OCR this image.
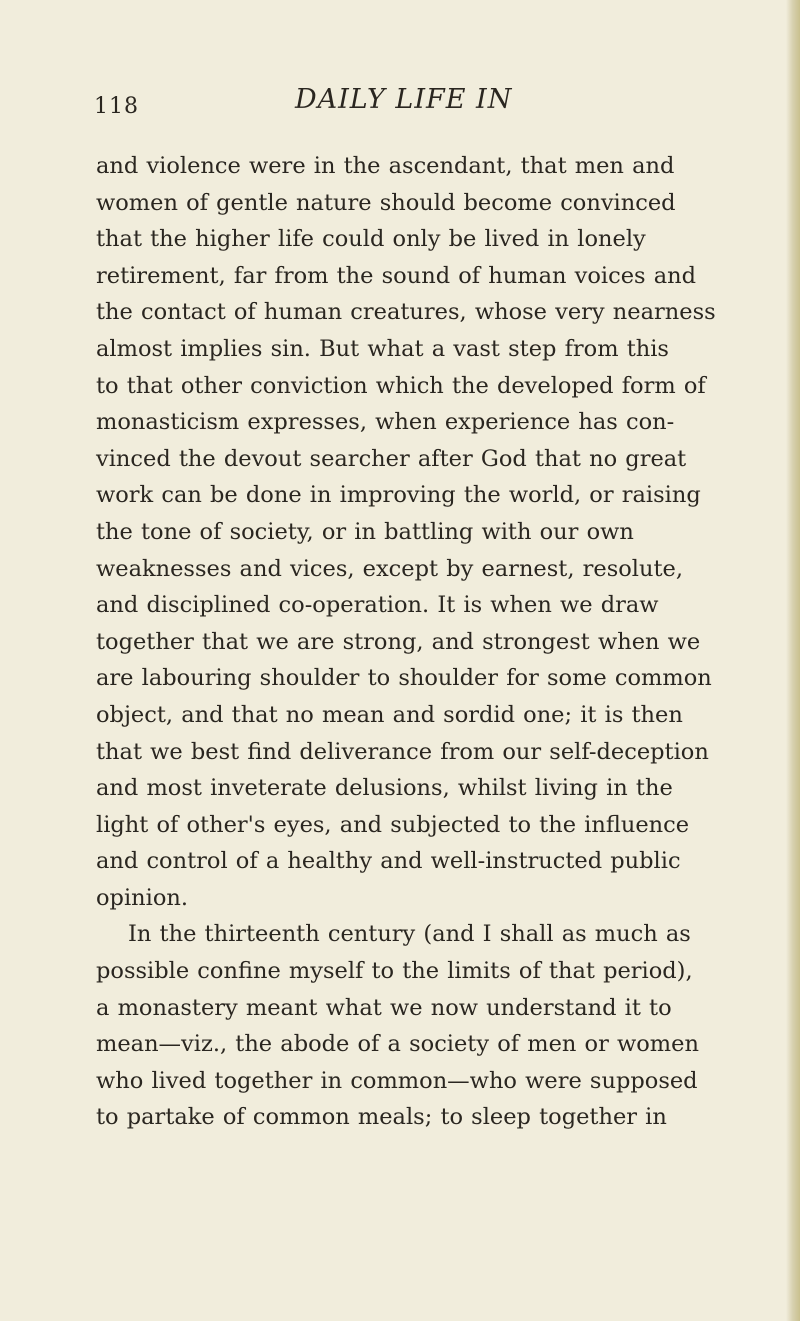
118	DAILY LIFE IN
and violence were in the ascendant, that men and
women of gentle nature should become convinced
that the higher life could only be lived in lonely
retirement, far from the sound of human voices and
the contact of human creatures, whose very nearness
almost implies sin. But what a vast step from this
to that other conviction which the developed form of
monasticism expresses, when experience has con-
vinced the devout searcher after God that no great
work can be done in improving the world, or raising
the tone of society, or in battling with our own
weaknesses and vices, except by earnest, resolute,
and disciplined co-operation. It is when we draw
together that we are strong, and strongest when we
are labouring shoulder to shoulder for some common
object, and that no mean and sordid one; it is then
that we best find deliverance from our self-deception
and most inveterate delusions, whilst living in the
light of other's eyes, and subjected to the influence
and control of a healthy and well-instructed public
opinion.
In the thirteenth century (and I shall as much as
possible confine myself to the limits of that period),
a monastery meant what we now understand it to
mean—viz., the abode of a society of men or women
who lived together in common—who were supposed
to partake of common meals; to sleep together in
